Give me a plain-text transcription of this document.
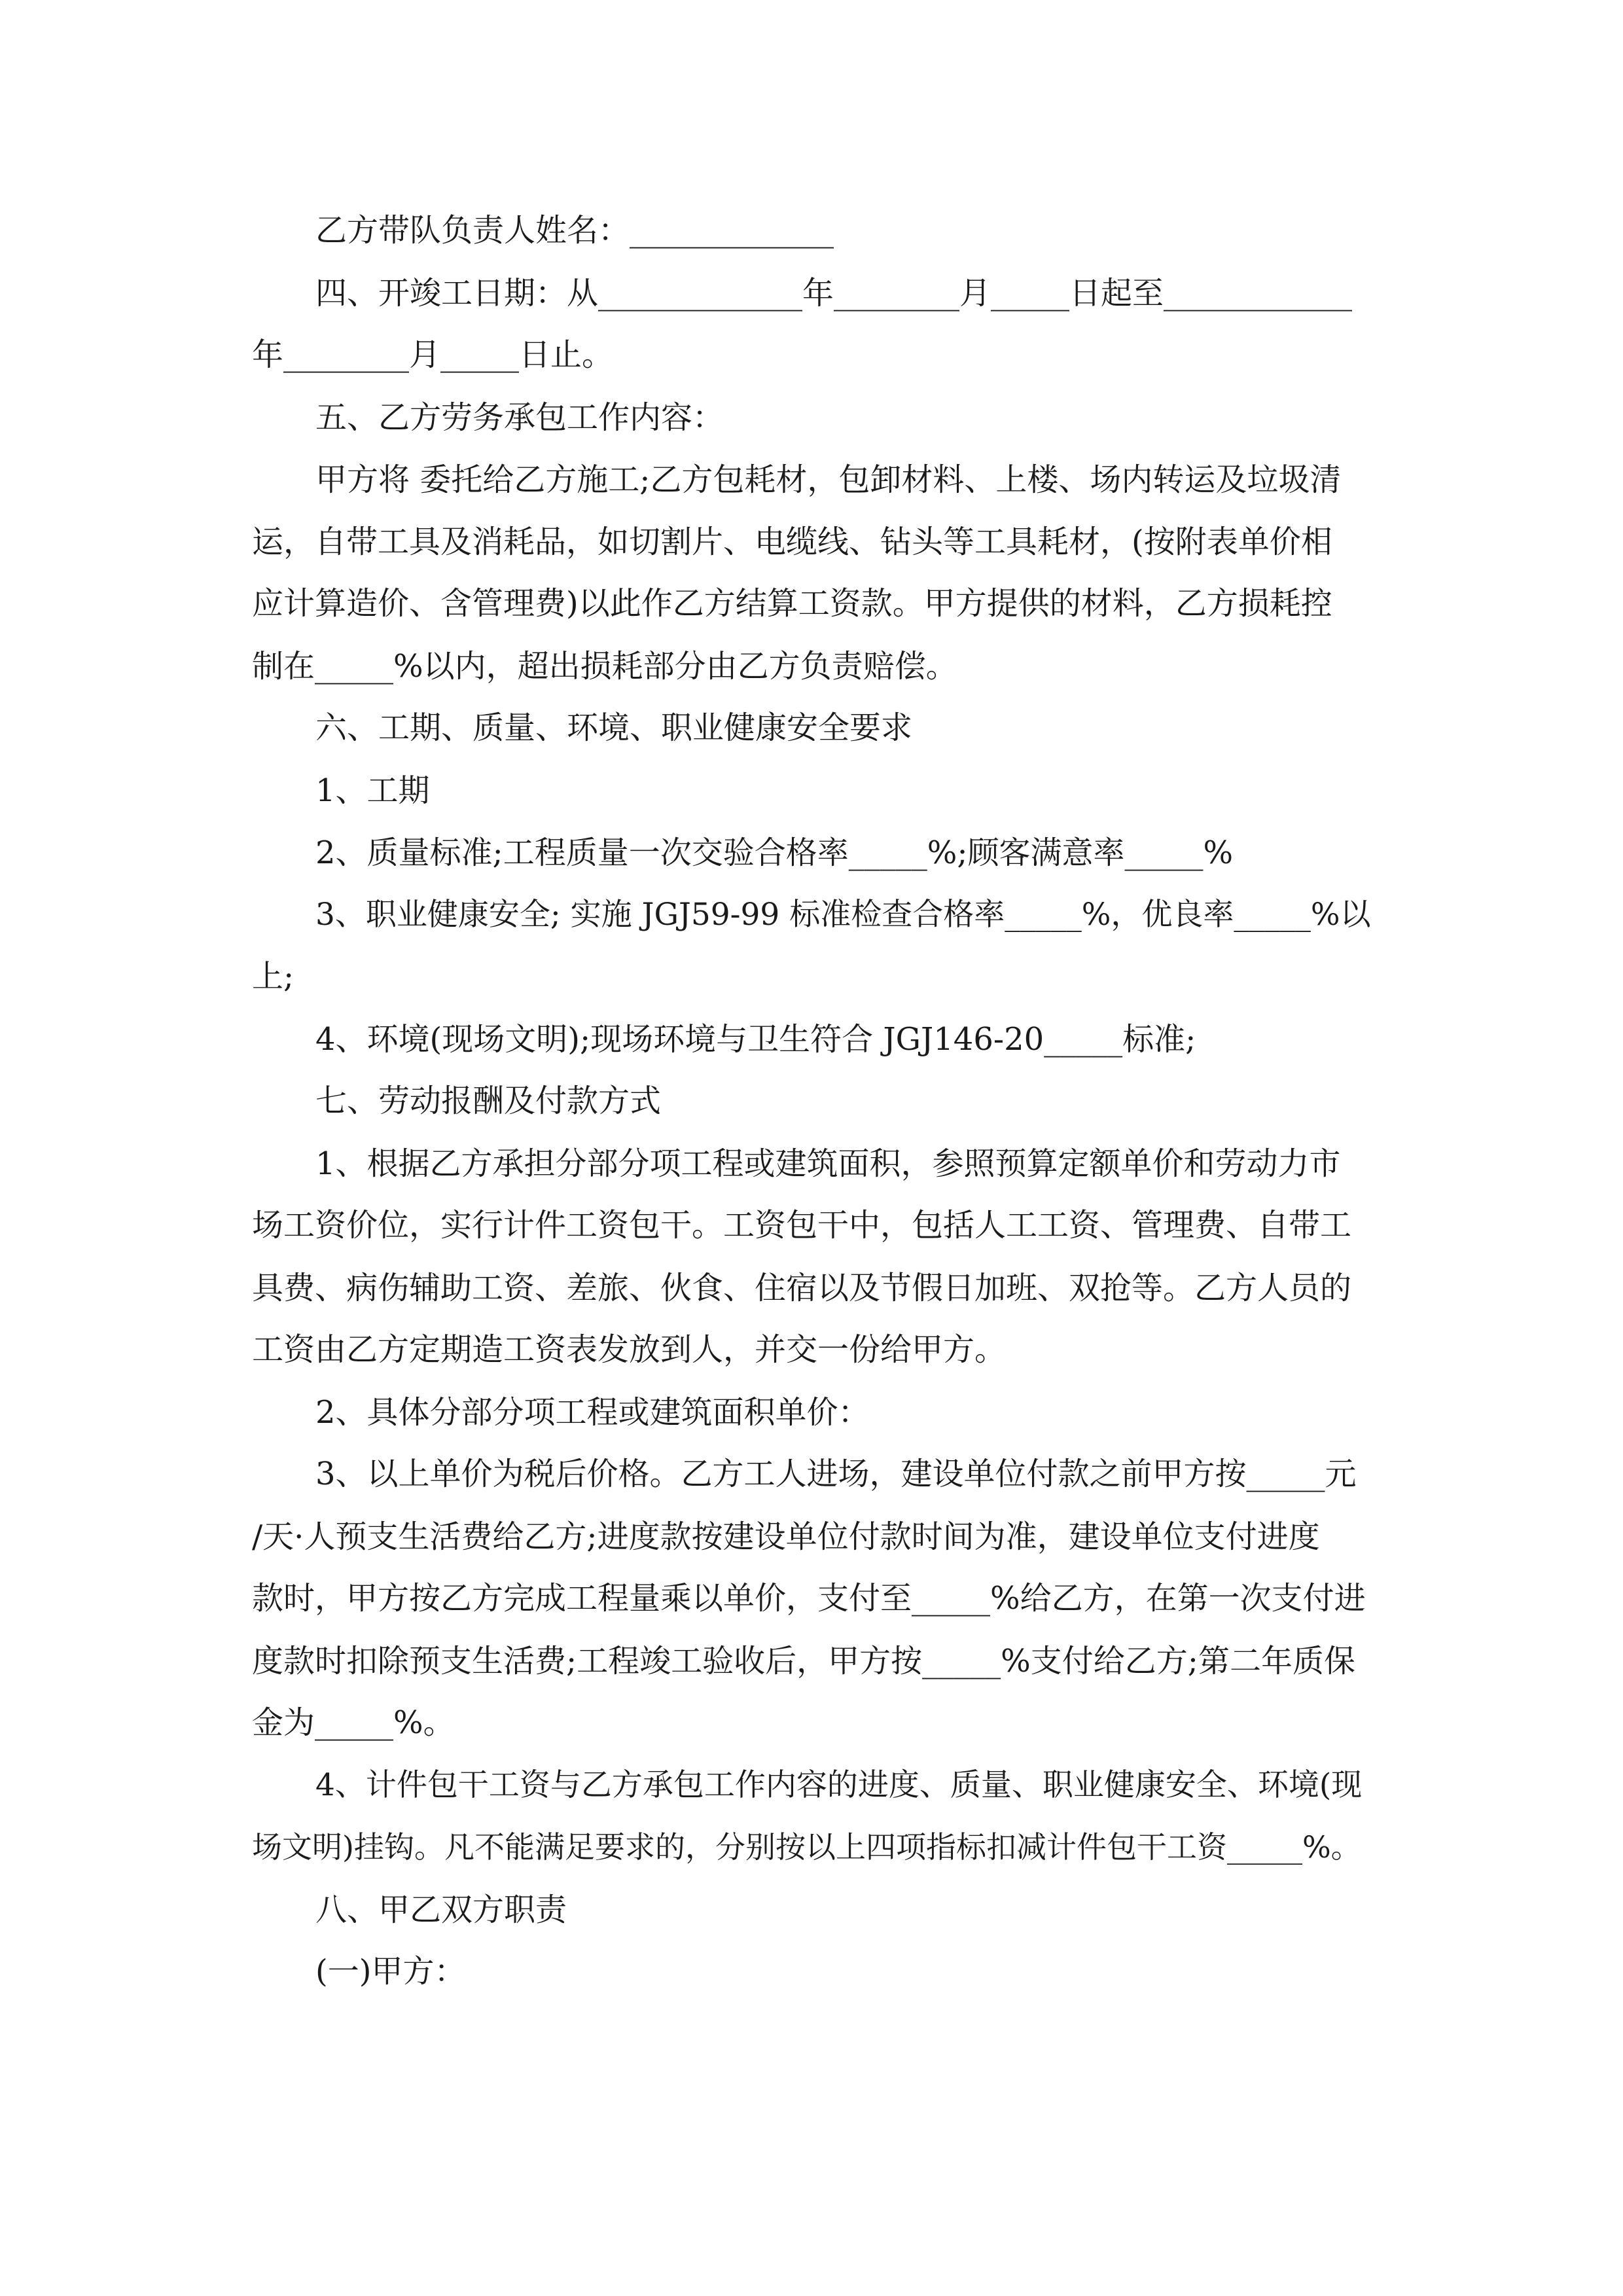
乙方带队负责人姓名：_____________
四、开竣工日期：从_____________年________月_____日起至____________
年________月_____日止。
五、乙方劳务承包工作内容：
甲方将 委托给乙方施工;乙方包耗材，包卸材料、上楼、场内转运及垃圾清
运，自带工具及消耗品，如切割片、电缆线、钻头等工具耗材，(按附表单价相
应计算造价、含管理费)以此作乙方结算工资款。甲方提供的材料，乙方损耗控
制在_____%以内，超出损耗部分由乙方负责赔偿。
六、工期、质量、环境、职业健康安全要求
1、工期
2、质量标准;工程质量一次交验合格率_____%;顾客满意率_____%
3、职业健康安全; 实施 JGJ59-99 标准检查合格率_____%，优良率_____%以
上;
4、环境(现场文明);现场环境与卫生符合 JGJ146-20_____标准;
七、劳动报酬及付款方式
1、根据乙方承担分部分项工程或建筑面积，参照预算定额单价和劳动力市
场工资价位，实行计件工资包干。工资包干中，包括人工工资、管理费、自带工
具费、病伤辅助工资、差旅、伙食、住宿以及节假日加班、双抢等。乙方人员的
工资由乙方定期造工资表发放到人，并交一份给甲方。
2、具体分部分项工程或建筑面积单价：
3、以上单价为税后价格。乙方工人进场，建设单位付款之前甲方按_____元
/天·人预支生活费给乙方;进度款按建设单位付款时间为准，建设单位支付进度
款时，甲方按乙方完成工程量乘以单价，支付至_____%给乙方，在第一次支付进
度款时扣除预支生活费;工程竣工验收后，甲方按_____%支付给乙方;第二年质保
金为_____%。
4、计件包干工资与乙方承包工作内容的进度、质量、职业健康安全、环境(现
场文明)挂钩。凡不能满足要求的，分别按以上四项指标扣减计件包干工资_____%。
八、甲乙双方职责
(一)甲方：
